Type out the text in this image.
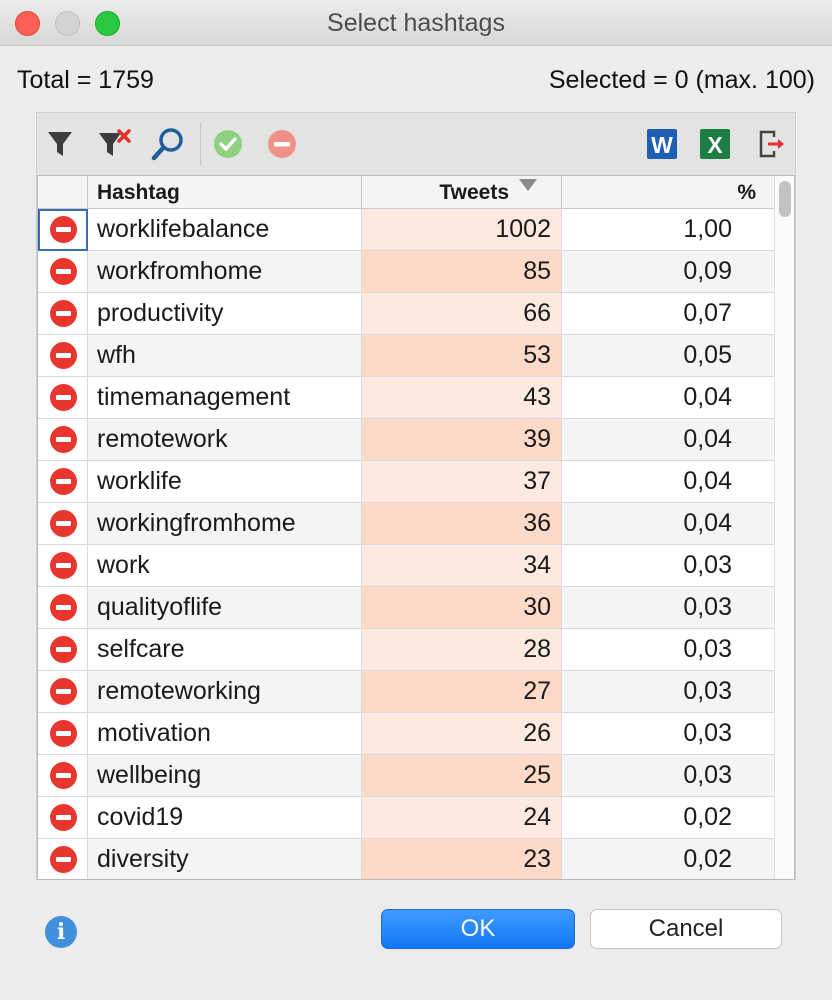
Select hashtags
Total = 1759	Selected = 0 (max. 100)
W X
Hashtag	Tweets	%
worklifebalance	1002	1,00
workfromhome	85	0,09
productivity	66	0,07
wfh	53	0,05
timemanagement	43	0,04
remotework	39	0,04
worklife	37	0,04
workingfromhome	36	0,04
work	34	0,03
qualityoflife	30	0,03
selfcare	28	0,03
remoteworking	27	0,03
motivation	26	0,03
wellbeing	25	0,03
covid19	24	0,02
diversity	23	0,02
i	OK	Cancel
